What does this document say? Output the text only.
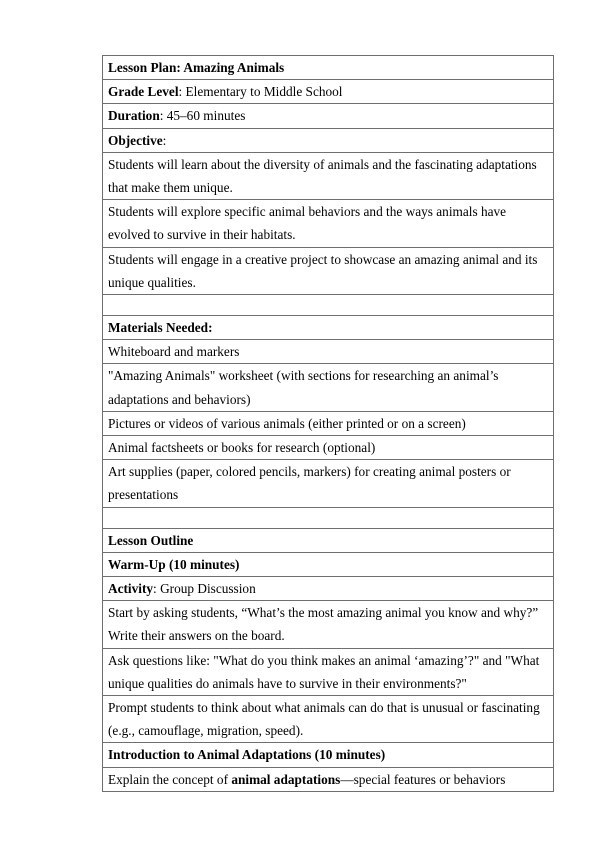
Lesson Plan: Amazing Animals
Grade Level: Elementary to Middle School
Duration: 45–60 minutes
Objective:
Students will learn about the diversity of animals and the fascinating adaptations that make them unique.
Students will explore specific animal behaviors and the ways animals have evolved to survive in their habitats.
Students will engage in a creative project to showcase an amazing animal and its unique qualities.

Materials Needed:
Whiteboard and markers
"Amazing Animals" worksheet (with sections for researching an animal’s adaptations and behaviors)
Pictures or videos of various animals (either printed or on a screen)
Animal factsheets or books for research (optional)
Art supplies (paper, colored pencils, markers) for creating animal posters or presentations

Lesson Outline
Warm-Up (10 minutes)
Activity: Group Discussion
Start by asking students, “What’s the most amazing animal you know and why?” Write their answers on the board.
Ask questions like: "What do you think makes an animal ‘amazing’?" and "What unique qualities do animals have to survive in their environments?"
Prompt students to think about what animals can do that is unusual or fascinating (e.g., camouflage, migration, speed).
Introduction to Animal Adaptations (10 minutes)
Explain the concept of animal adaptations—special features or behaviors
